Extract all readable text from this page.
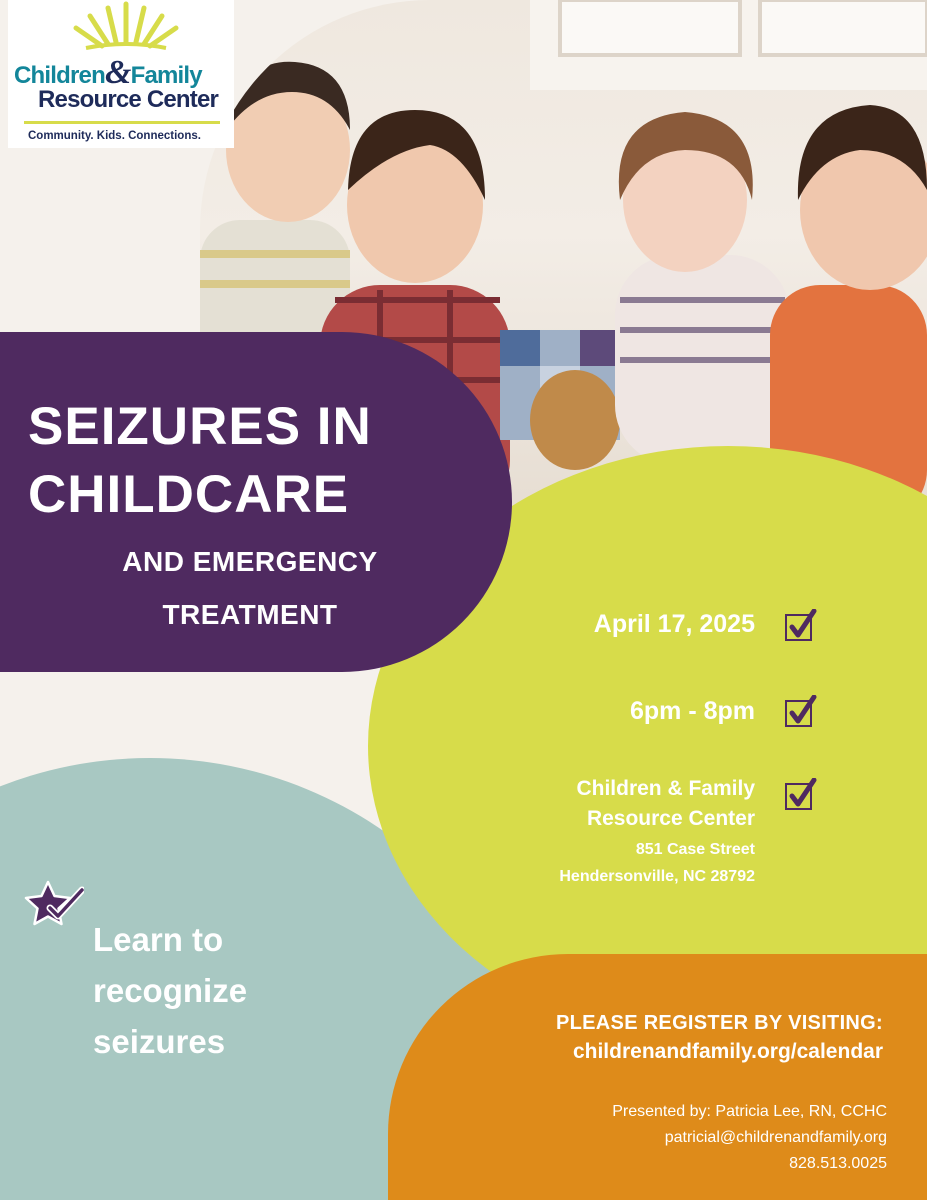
Children&Family
Resource Center
Community. Kids. Connections.
SEIZURES IN
CHILDCARE
AND EMERGENCY
TREATMENT	April 17, 2025
6pm - 8pm
Children & Family
Resource Center
851 Case Street
Hendersonville, NC 28792
Learn to
recognize
seizures	PLEASE REGISTER BY VISITING:
childrenandfamily.org/calendar
Presented by: Patricia Lee, RN, CCHC
patricial@childrenandfamily.org
828.513.0025
